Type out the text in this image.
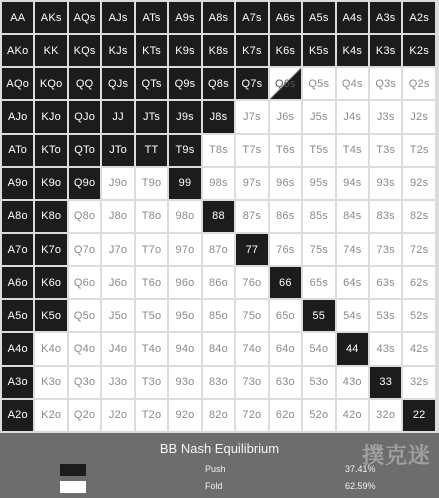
AA	AKs	AQs	AJs	ATs	A9s	A8s	A7s	A6s	A5s	A4s	A3s	A2s
AKo	KK	KQs	KJs	KTs	K9s	K8s	K7s	K6s	K5s	K4s	K3s	K2s
AQo KQo	QQ	QJs	QTs	Q9s	Q8s	Q7s	Q6s	Q5s	Q4s	Q3s	Q2s
AJo	KJo	QJo	JJ	JTs	J9s	J8s	J7s	J6s	J5s	J4s	J3s	J2s
ATo	KTo	QTo	JTo	TT	T9s	T8s	T7s	T6s	T5s	T4s	T3s	T2s
A9o	K9o	Q9o	J9o	T9o	99	98s	97s	96s	95s	94s	93s	92s
A8o	K8o	Q8o	J8o	T8o	98o	88	87s	86s	85s	84s	83s	82s
A7o	K7o	Q7o	J7o	T7o	97o	87o	77	76s	75s	74s	73s	72s
A6o	K6o	Q6o	J6o	T6o	96o	86o	76o	66	65s	64s	63s	62s
A5o	K5o	Q5o	J5o	T5o	95o	85o	75o	65o	55	54s	53s	52s
A4o	K4o	Q4o	J4o	T4o	94o	84o	74o	64o	54o	44	43s	42s
A3o	K3o	Q3o	J3o	T3o	93o	83o	73o	63o	53o	43o	33	32s
A2o	K2o	Q2o	J2o	T2o	92o	82o	72o	62o	52o	42o	32o	22
BB Nash Equilibrium
Push	37.41%
Fold	62.59%
撲克迷
